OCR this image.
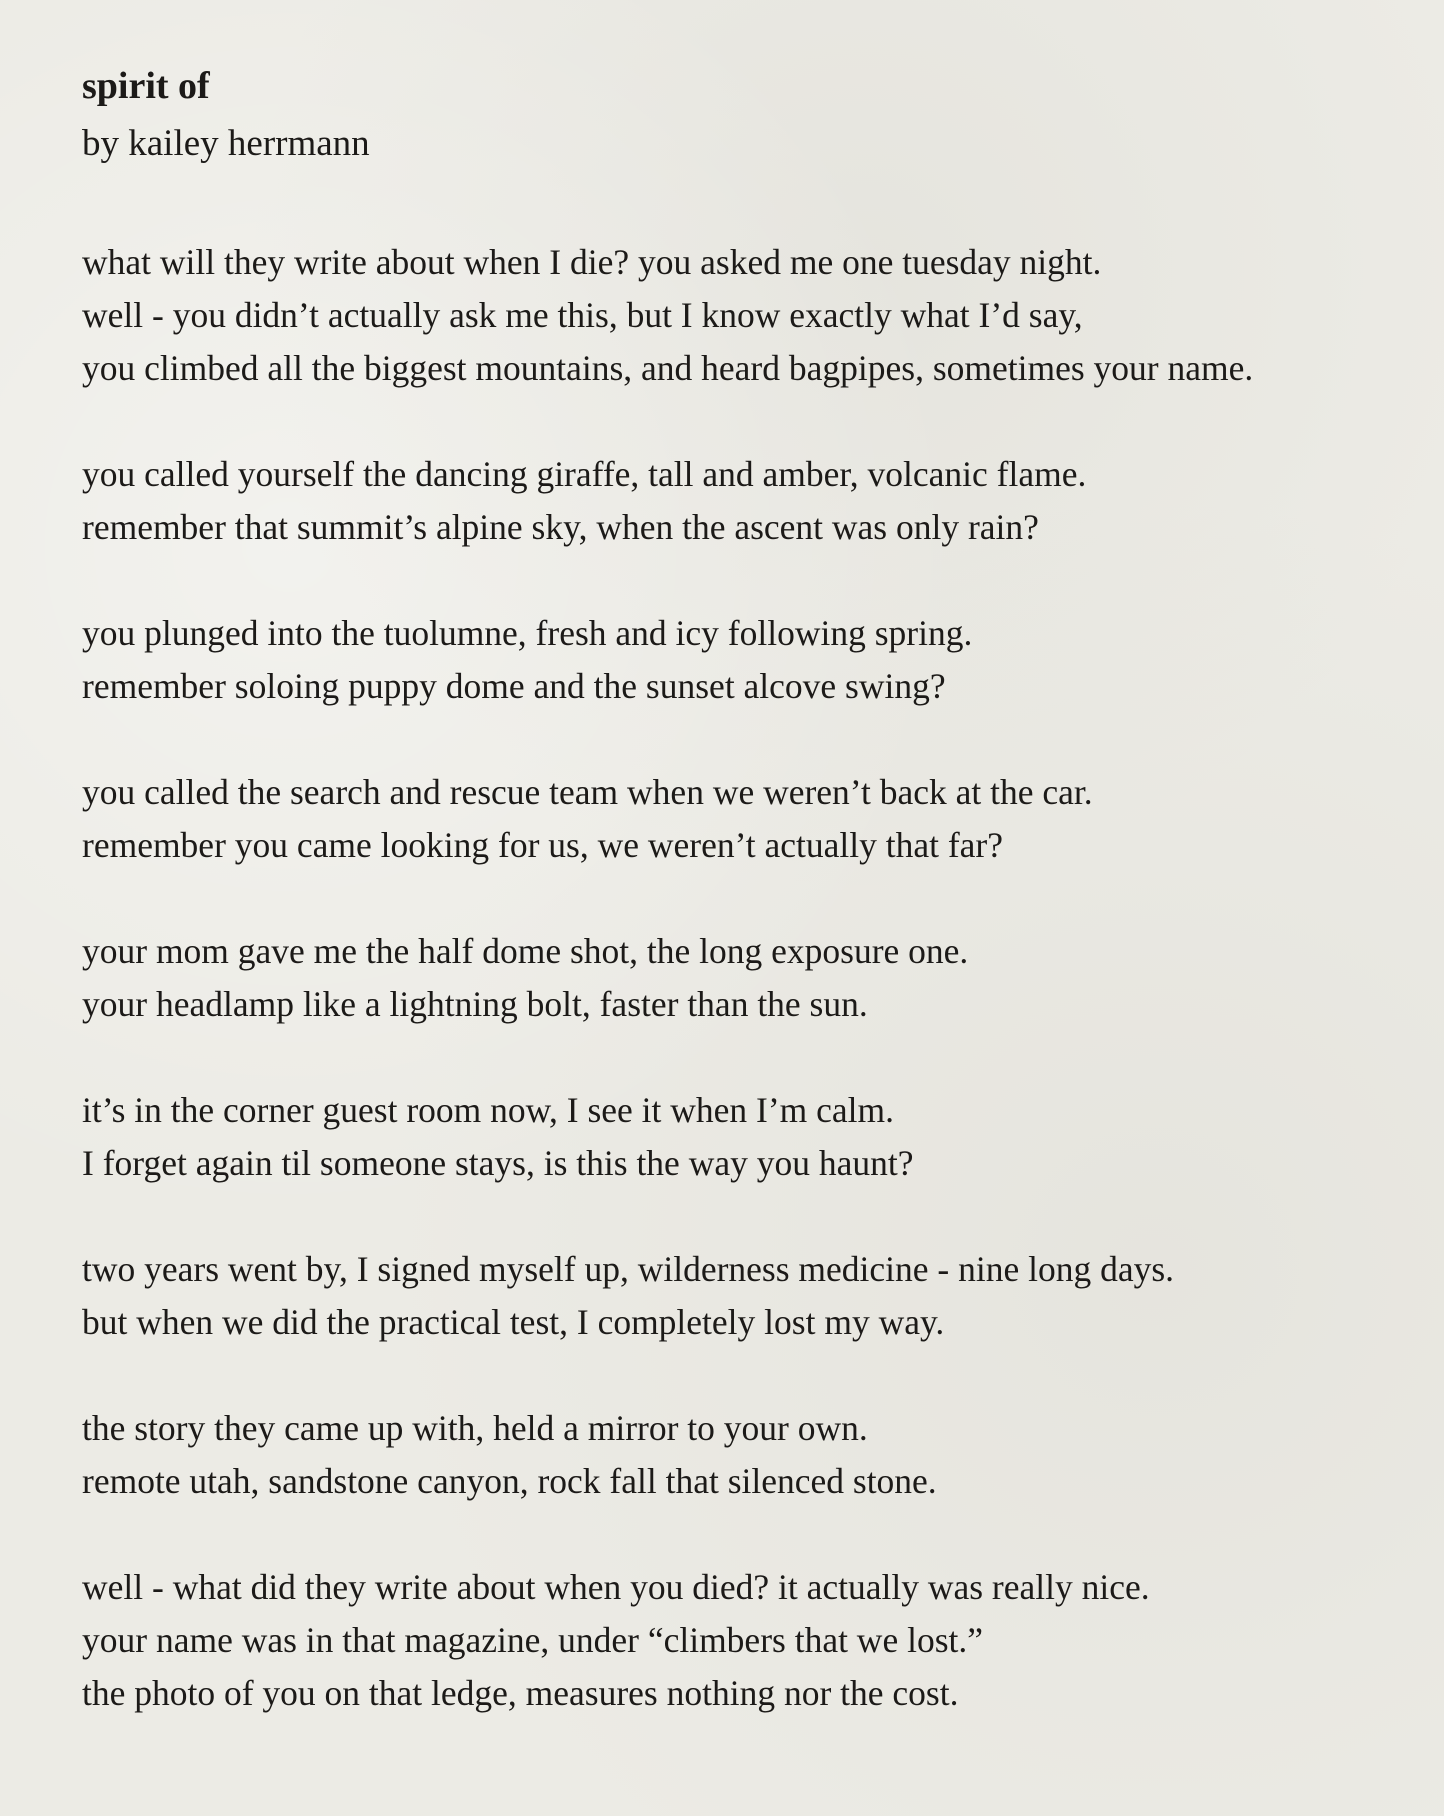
spirit of
by kailey herrmann
what will they write about when I die? you asked me one tuesday night.
well - you didn’t actually ask me this, but I know exactly what I’d say,
you climbed all the biggest mountains, and heard bagpipes, sometimes your name.
you called yourself the dancing giraffe, tall and amber, volcanic flame.
remember that summit’s alpine sky, when the ascent was only rain?
you plunged into the tuolumne, fresh and icy following spring.
remember soloing puppy dome and the sunset alcove swing?
you called the search and rescue team when we weren’t back at the car.
remember you came looking for us, we weren’t actually that far?
your mom gave me the half dome shot, the long exposure one.
your headlamp like a lightning bolt, faster than the sun.
it’s in the corner guest room now, I see it when I’m calm.
I forget again til someone stays, is this the way you haunt?
two years went by, I signed myself up, wilderness medicine - nine long days.
but when we did the practical test, I completely lost my way.
the story they came up with, held a mirror to your own.
remote utah, sandstone canyon, rock fall that silenced stone.
well - what did they write about when you died? it actually was really nice.
your name was in that magazine, under “climbers that we lost.”
the photo of you on that ledge, measures nothing nor the cost.
